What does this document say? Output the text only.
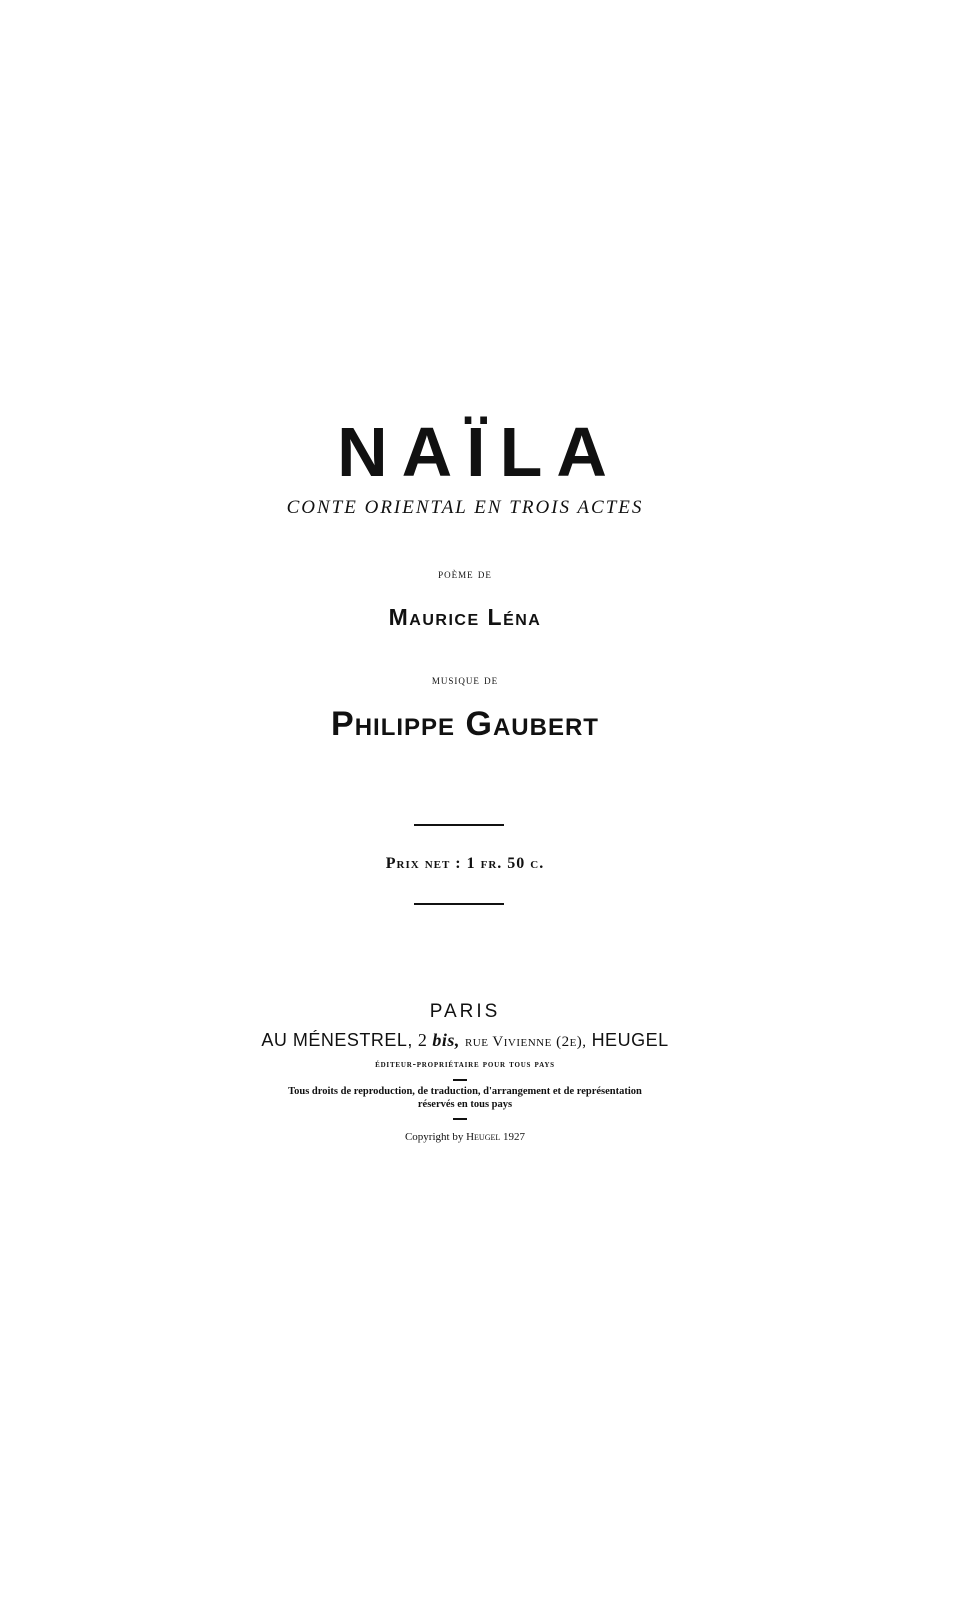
NAÏLA
CONTE ORIENTAL EN TROIS ACTES
poème de
Maurice Léna
musique de
Philippe Gaubert
Prix net : 1 fr. 50 c.
PARIS
AU MÉNESTREL, 2 bis, rue Vivienne (2e), HEUGEL
éditeur-propriétaire pour tous pays
Tous droits de reproduction, de traduction, d'arrangement et de représentation
réservés en tous pays
Copyright by Heugel 1927
